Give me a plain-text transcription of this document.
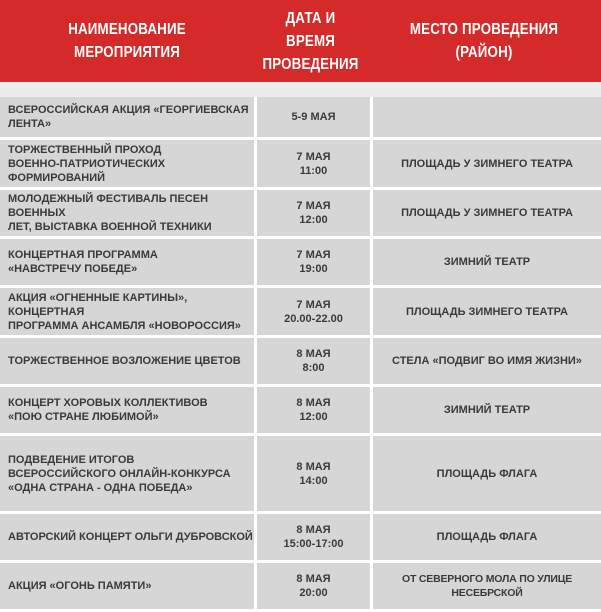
НАИМЕНОВАНИЕ
МЕРОПРИЯТИЯ
ДАТА И ВРЕМЯ
ПРОВЕДЕНИЯ
МЕСТО ПРОВЕДЕНИЯ
(РАЙОН)
ВСЕРОССИЙСКАЯ АКЦИЯ «ГЕОРГИЕВСКАЯ ЛЕНТА»
5-9 МАЯ
ТОРЖЕСТВЕННЫЙ ПРОХОД
ВОЕННО-ПАТРИОТИЧЕСКИХ ФОРМИРОВАНИЙ
7 МАЯ
11:00
ПЛОЩАДЬ У ЗИМНЕГО ТЕАТРА
МОЛОДЕЖНЫЙ ФЕСТИВАЛЬ ПЕСЕН ВОЕННЫХ
ЛЕТ, ВЫСТАВКА ВОЕННОЙ ТЕХНИКИ
7 МАЯ
12:00
ПЛОЩАДЬ У ЗИМНЕГО ТЕАТРА
КОНЦЕРТНАЯ ПРОГРАММА
«НАВСТРЕЧУ ПОБЕДЕ»
7 МАЯ
19:00
ЗИМНИЙ ТЕАТР
АКЦИЯ «ОГНЕННЫЕ КАРТИНЫ», КОНЦЕРТНАЯ
ПРОГРАММА АНСАМБЛЯ «НОВОРОССИЯ»
7 МАЯ
20.00-22.00
ПЛОЩАДЬ ЗИМНЕГО ТЕАТРА
ТОРЖЕСТВЕННОЕ ВОЗЛОЖЕНИЕ ЦВЕТОВ
8 МАЯ
8:00
СТЕЛА «ПОДВИГ ВО ИМЯ ЖИЗНИ»
КОНЦЕРТ ХОРОВЫХ КОЛЛЕКТИВОВ
«ПОЮ СТРАНЕ ЛЮБИМОЙ»
8 МАЯ
12:00
ЗИМНИЙ ТЕАТР
ПОДВЕДЕНИЕ ИТОГОВ
ВСЕРОССИЙСКОГО ОНЛАЙН-КОНКУРСА
«ОДНА СТРАНА - ОДНА ПОБЕДА»
8 МАЯ
14:00
ПЛОЩАДЬ ФЛАГА
АВТОРСКИЙ КОНЦЕРТ ОЛЬГИ ДУБРОВСКОЙ
8 МАЯ
15:00-17:00
ПЛОЩАДЬ ФЛАГА
АКЦИЯ «ОГОНЬ ПАМЯТИ»
8 МАЯ
20:00
ОТ СЕВЕРНОГО МОЛА ПО УЛИЦЕ НЕСЕБРСКОЙ
